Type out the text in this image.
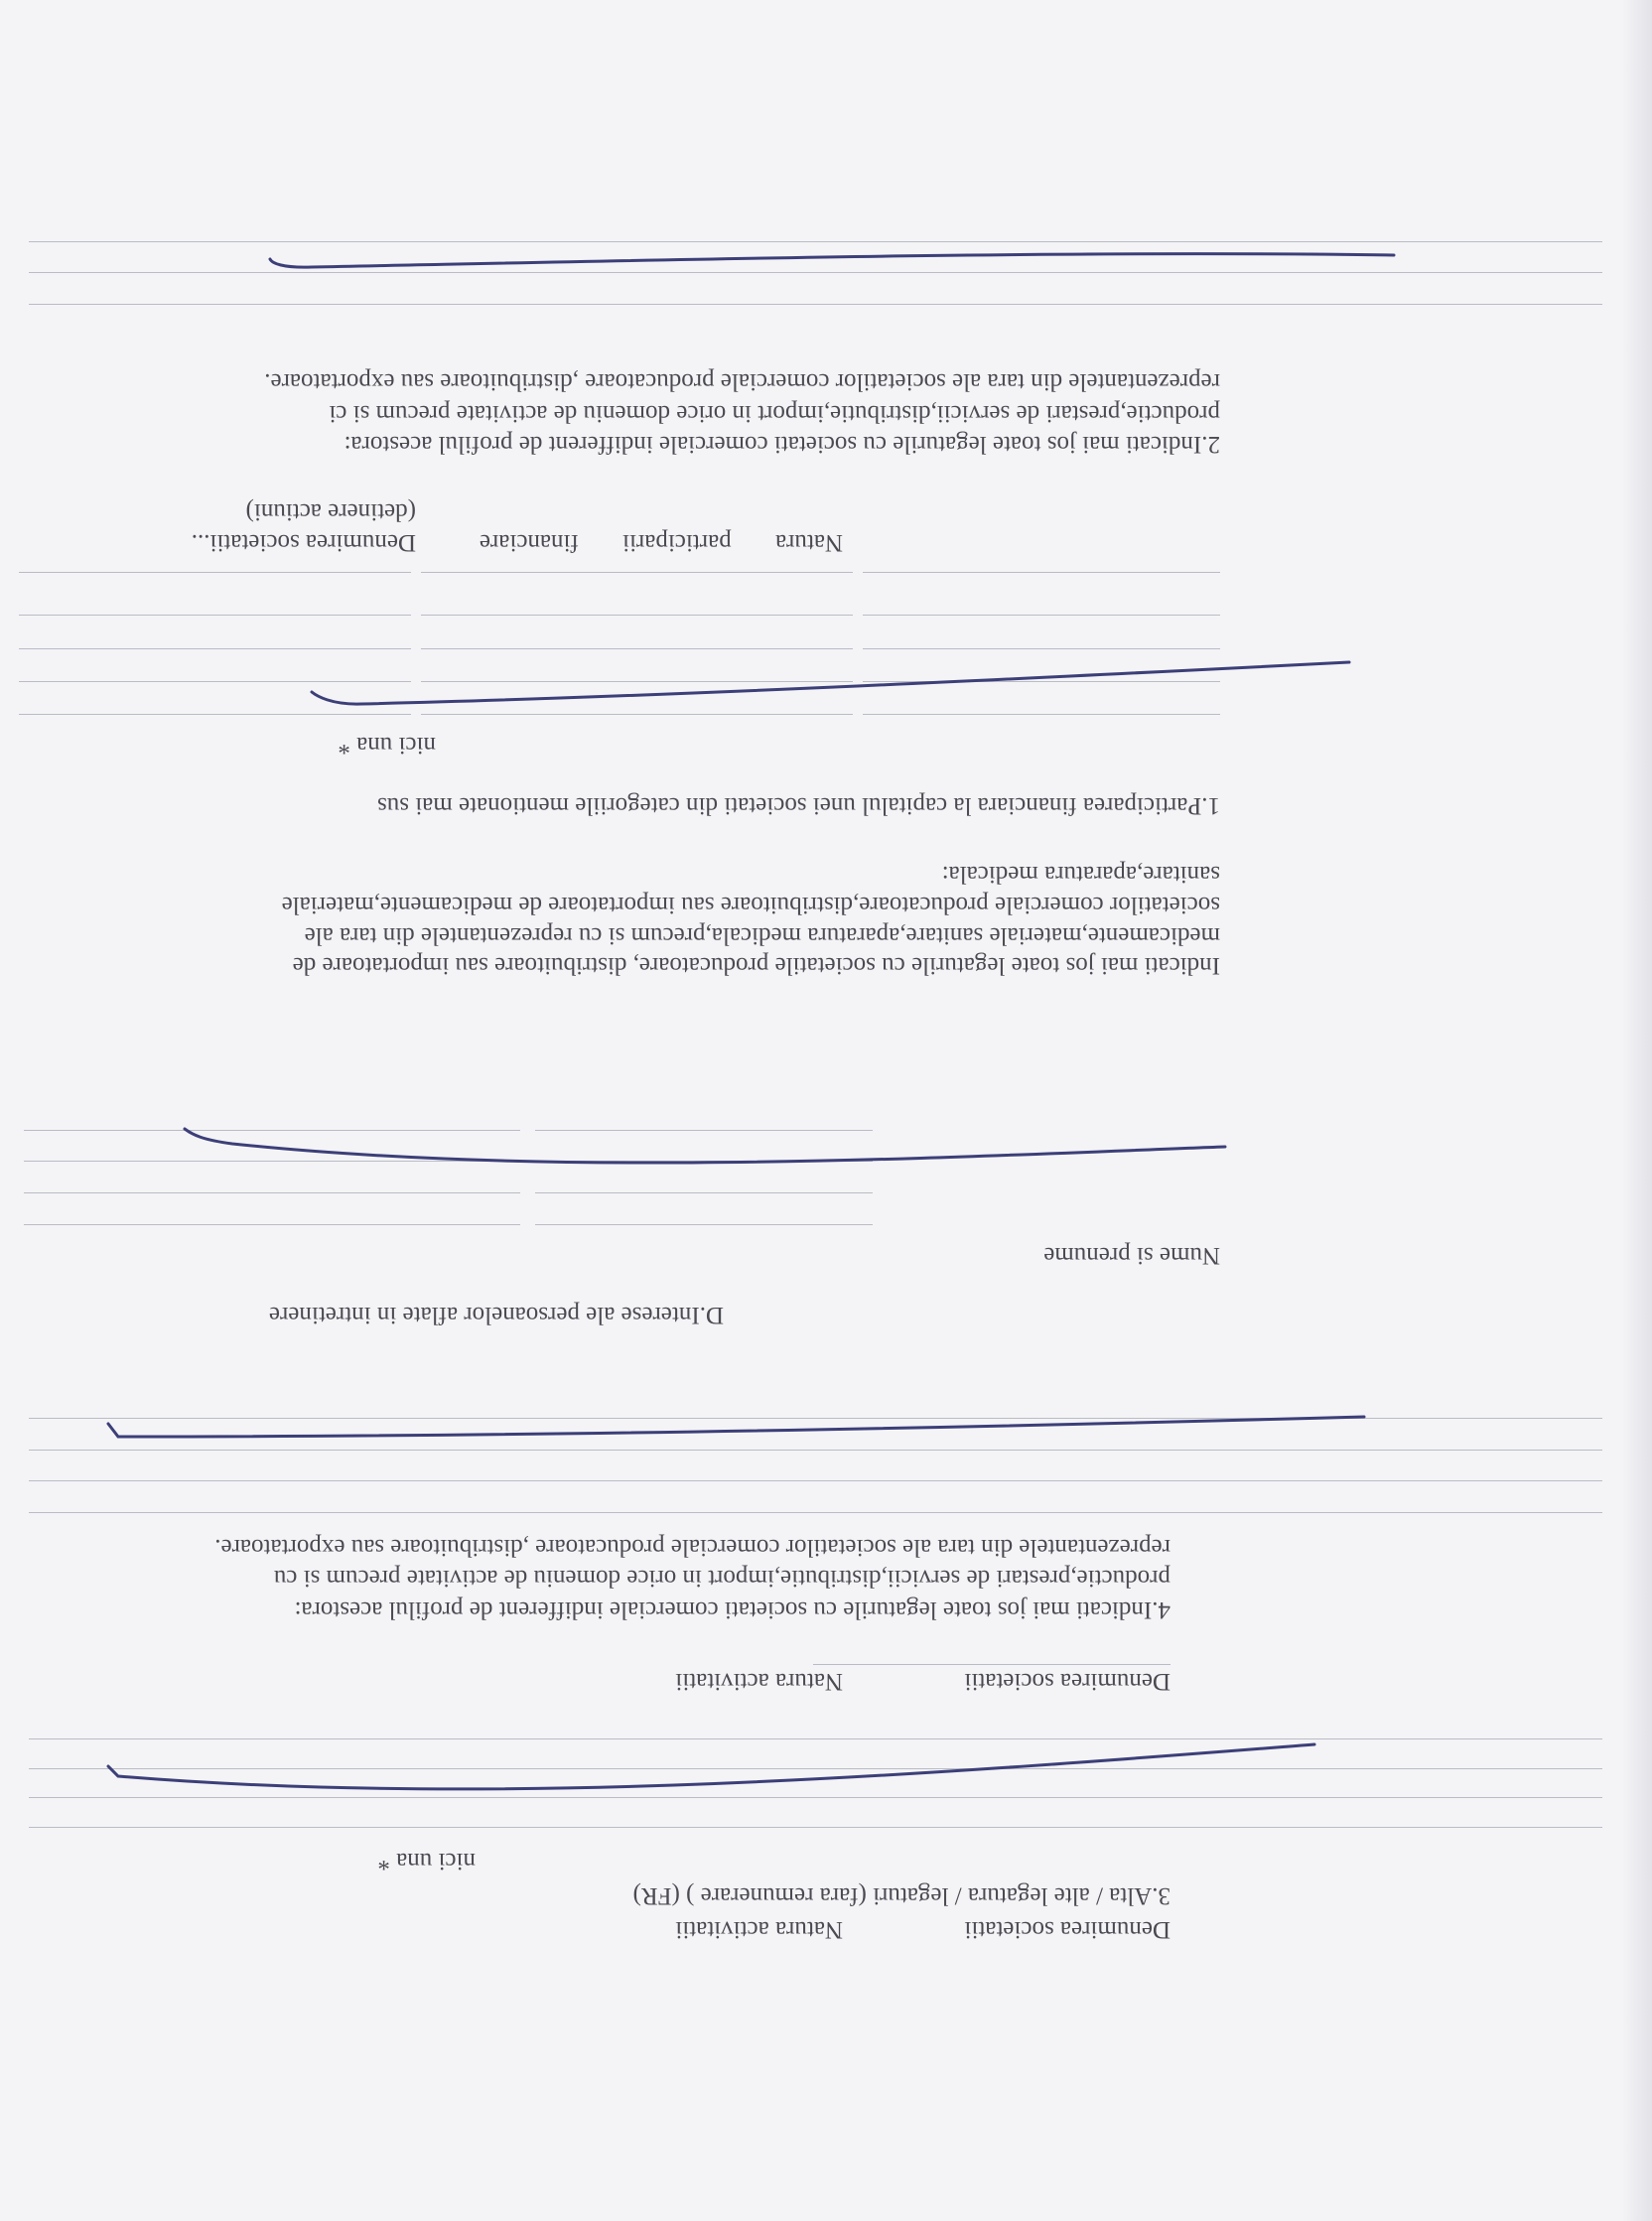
Denumirea societatii
Natura activitatii
3.Alta / alte legatura / legaturi (fara remunerare ) (FR)
nici una *
Denumirea societatii
Natura activitatii
4.Indicati mai jos toate legaturile cu societati comerciale indifferent de profilul acestora:
productie,prestari de servicii,distributie,import in orice domeniu de activitate precum si cu
reprezentantele din tara ale societatilor comerciale producatoare ,distribuitoare sau exportatoare.
D.Interese ale persoanelor aflate in intretinere
Nume si prenume
Indicati mai jos toate legaturile cu societatile producatoare, distribuitoare sau importatoare de
medicamente,materiale sanitare,aparatura medicala,precum si cu reprezentantele din tara ale
societatilor comerciale producatoare,distribuitoare sau importatoare de medicamente,materiale
sanitare,aparatura medicala:
1.Participarea financiara la capitalul unei societati din categoriile mentionate mai sus
nici una *
Denumirea societatii...	Natura participarii financiare
(detinere actiuni)
2.Indicati mai jos toate legaturile cu societati comerciale indifferent de profilul acestora:
productie,prestari de servicii,distributie,import in orice domeniu de activitate precum si ci
reprezentantele din tara ale societatilor comerciale producatoare ,distribuitoare sau exportatoare.
